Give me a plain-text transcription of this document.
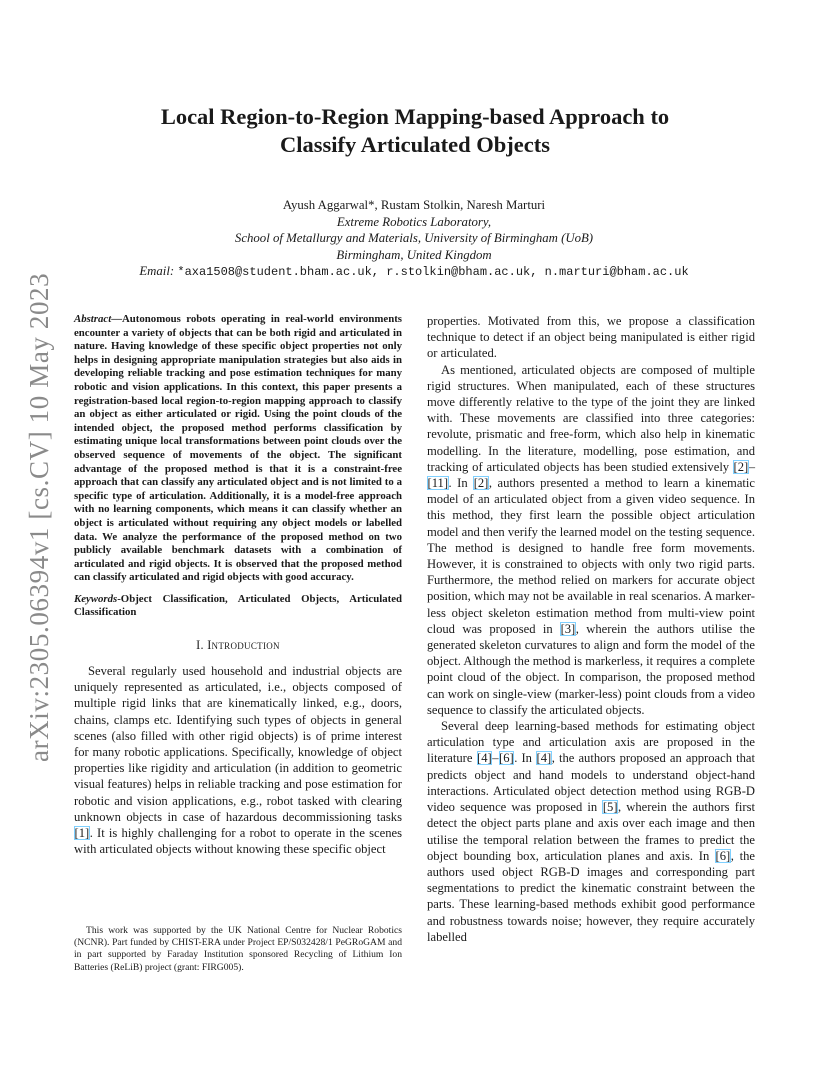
arXiv:2305.06394v1 [cs.CV] 10 May 2023
Local Region-to-Region Mapping-based Approach to
Classify Articulated Objects
Ayush Aggarwal*, Rustam Stolkin, Naresh Marturi
Extreme Robotics Laboratory,
School of Metallurgy and Materials, University of Birmingham (UoB)
Birmingham, United Kingdom
Email: *axa1508@student.bham.ac.uk, r.stolkin@bham.ac.uk, n.marturi@bham.ac.uk

Abstract—Autonomous robots operating in real-world environments encounter a variety of objects that can be both rigid and articulated in nature. Having knowledge of these specific object properties not only helps in designing appropriate manipulation strategies but also aids in developing reliable tracking and pose estimation techniques for many robotic and vision applications. In this context, this paper presents a registration-based local region-to-region mapping approach to classify an object as either articulated or rigid. Using the point clouds of the intended object, the proposed method performs classification by estimating unique local transformations between point clouds over the observed sequence of movements of the object. The significant advantage of the proposed method is that it is a constraint-free approach that can classify any articulated object and is not limited to a specific type of articulation. Additionally, it is a model-free approach with no learning components, which means it can classify whether an object is articulated without requiring any object models or labelled data. We analyze the performance of the proposed method on two publicly available benchmark datasets with a combination of articulated and rigid objects. It is observed that the proposed method can classify articulated and rigid objects with good accuracy.

Keywords-Object Classification, Articulated Objects, Articulated Classification

I. Introduction

Several regularly used household and industrial objects are uniquely represented as articulated, i.e., objects composed of multiple rigid links that are kinematically linked, e.g., doors, chains, clamps etc. Identifying such types of objects in general scenes (also filled with other rigid objects) is of prime interest for many robotic applications. Specifically, knowledge of object properties like rigidity and articulation (in addition to geometric visual features) helps in reliable tracking and pose estimation for robotic and vision applications, e.g., robot tasked with clearing unknown objects in case of hazardous decommissioning tasks [1]. It is highly challenging for a robot to operate in the scenes with articulated objects without knowing these specific object

This work was supported by the UK National Centre for Nuclear Robotics (NCNR). Part funded by CHIST-ERA under Project EP/S032428/1 PeGRoGAM and in part supported by Faraday Institution sponsored Recycling of Lithium Ion Batteries (ReLiB) project (grant: FIRG005).

properties. Motivated from this, we propose a classification technique to detect if an object being manipulated is either rigid or articulated.

As mentioned, articulated objects are composed of multiple rigid structures. When manipulated, each of these structures move differently relative to the type of the joint they are linked with. These movements are classified into three categories: revolute, prismatic and free-form, which also help in kinematic modelling. In the literature, modelling, pose estimation, and tracking of articulated objects has been studied extensively [2]–[11]. In [2], authors presented a method to learn a kinematic model of an articulated object from a given video sequence. In this method, they first learn the possible object articulation model and then verify the learned model on the testing sequence. The method is designed to handle free form movements. However, it is constrained to objects with only two rigid parts. Furthermore, the method relied on markers for accurate object position, which may not be available in real scenarios. A marker-less object skeleton estimation method from multi-view point cloud was proposed in [3], wherein the authors utilise the generated skeleton curvatures to align and form the model of the object. Although the method is markerless, it requires a complete point cloud of the object. In comparison, the proposed method can work on single-view (marker-less) point clouds from a video sequence to classify the articulated objects.

Several deep learning-based methods for estimating object articulation type and articulation axis are proposed in the literature [4]–[6]. In [4], the authors proposed an approach that predicts object and hand models to understand object-hand interactions. Articulated object detection method using RGB-D video sequence was proposed in [5], wherein the authors first detect the object parts plane and axis over each image and then utilise the temporal relation between the frames to predict the object bounding box, articulation planes and axis. In [6], the authors used object RGB-D images and corresponding part segmentations to predict the kinematic constraint between the parts. These learning-based methods exhibit good performance and robustness towards noise; however, they require accurately labelled
